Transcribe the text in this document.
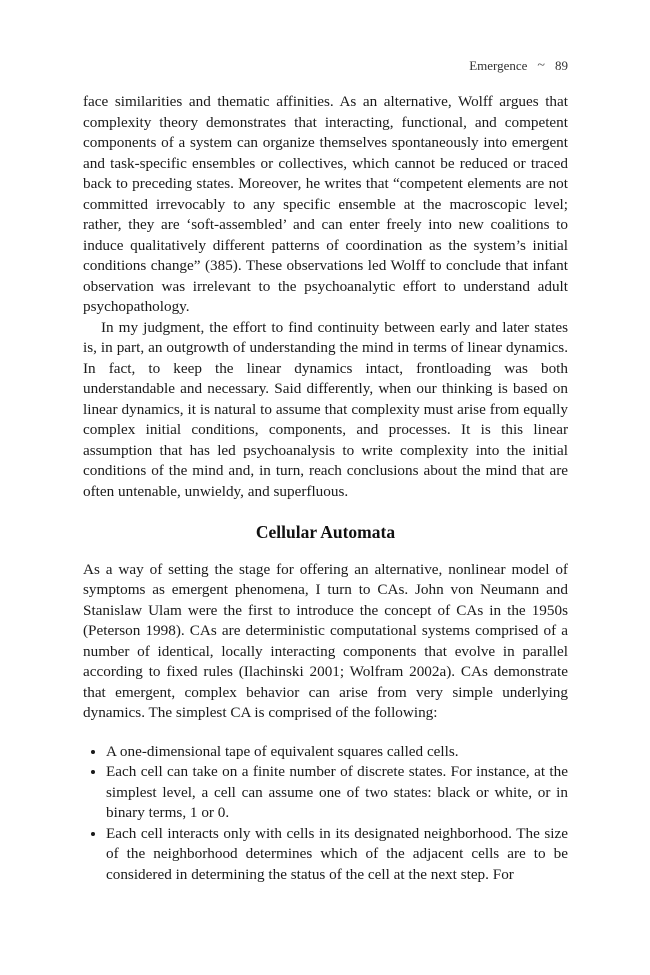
Emergence ~ 89

face similarities and thematic affinities. As an alternative, Wolff argues that complexity theory demonstrates that interacting, functional, and competent components of a system can organize themselves spontaneously into emergent and task-specific ensembles or collectives, which cannot be reduced or traced back to preceding states. Moreover, he writes that “competent elements are not committed irrevocably to any specific ensemble at the macroscopic level; rather, they are ‘soft-assembled’ and can enter freely into new coalitions to induce qualitatively different patterns of coordination as the system’s initial conditions change” (385). These observations led Wolff to conclude that infant observation was irrelevant to the psychoanalytic effort to understand adult psychopathology.

In my judgment, the effort to find continuity between early and later states is, in part, an outgrowth of understanding the mind in terms of linear dynamics. In fact, to keep the linear dynamics intact, frontloading was both understandable and necessary. Said differently, when our thinking is based on linear dynamics, it is natural to assume that complexity must arise from equally complex initial conditions, components, and processes. It is this linear assumption that has led psychoanalysis to write complexity into the initial conditions of the mind and, in turn, reach conclusions about the mind that are often untenable, unwieldy, and superfluous.

Cellular Automata

As a way of setting the stage for offering an alternative, nonlinear model of symptoms as emergent phenomena, I turn to CAs. John von Neumann and Stanislaw Ulam were the first to introduce the concept of CAs in the 1950s (Peterson 1998). CAs are deterministic computational systems comprised of a number of identical, locally interacting components that evolve in parallel according to fixed rules (Ilachinski 2001; Wolfram 2002a). CAs demonstrate that emergent, complex behavior can arise from very simple underlying dynamics. The simplest CA is comprised of the following:

• A one-dimensional tape of equivalent squares called cells.
• Each cell can take on a finite number of discrete states. For instance, at the simplest level, a cell can assume one of two states: black or white, or in binary terms, 1 or 0.
• Each cell interacts only with cells in its designated neighborhood. The size of the neighborhood determines which of the adjacent cells are to be considered in determining the status of the cell at the next step. For
